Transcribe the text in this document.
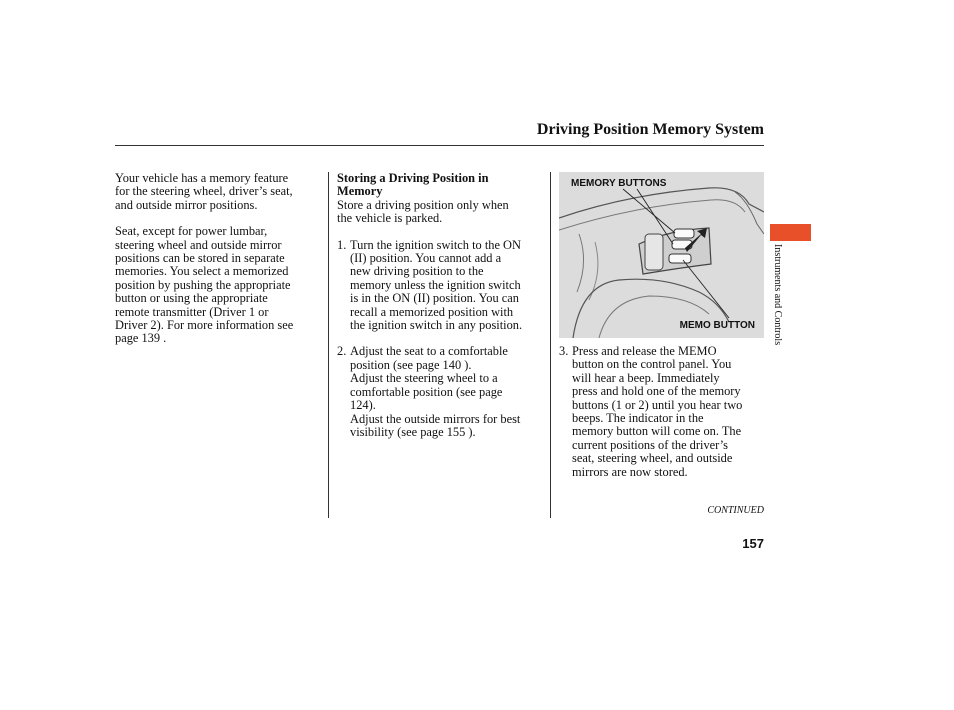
Driving Position Memory System

Your vehicle has a memory feature
for the steering wheel, driver’s seat,
and outside mirror positions.

Seat, except for power lumbar,
steering wheel and outside mirror
positions can be stored in separate
memories. You select a memorized
position by pushing the appropriate
button or using the appropriate
remote transmitter (Driver 1 or
Driver 2). For more information see
page 139 .

Storing a Driving Position in
Memory

Store a driving position only when
the vehicle is parked.

1. Turn the ignition switch to the ON
(II) position. You cannot add a
new driving position to the
memory unless the ignition switch
is in the ON (II) position. You can
recall a memorized position with
the ignition switch in any position.
2. Adjust the seat to a comfortable
position (see page 140 ).
Adjust the steering wheel to a
comfortable position (see page
124).
Adjust the outside mirrors for best
visibility (see page 155 ).
MEMORY BUTTONS
MEMO BUTTON
3. Press and release the MEMO
button on the control panel. You
will hear a beep. Immediately
press and hold one of the memory
buttons (1 or 2) until you hear two
beeps. The indicator in the
memory button will come on. The
current positions of the driver’s
seat, steering wheel, and outside
mirrors are now stored.
Instruments and Controls
CONTINUED
157
